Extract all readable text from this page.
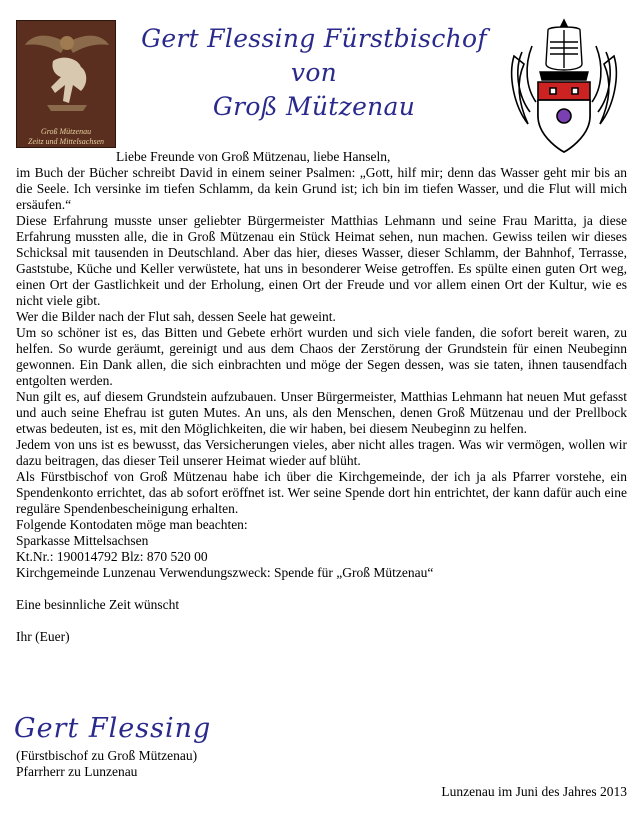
Groß Mützenau
Zeitz und Mittelsachsen
Gert Flessing Fürstbischof von
Groß Mützenau

Liebe Freunde von Groß Mützenau, liebe Hanseln,

im Buch der Bücher schreibt David in einem seiner Psalmen: „Gott, hilf mir; denn das Wasser geht mir bis an die Seele. Ich versinke im tiefen Schlamm, da kein Grund ist; ich bin im tiefen Wasser, und die Flut will mich ersäufen.“

Diese Erfahrung musste unser geliebter Bürgermeister Matthias Lehmann und seine Frau Maritta, ja diese Erfahrung mussten alle, die in Groß Mützenau ein Stück Heimat sehen, nun machen. Gewiss teilen wir dieses Schicksal mit tausenden in Deutschland. Aber das hier, dieses Wasser, dieser Schlamm, der Bahnhof, Terrasse, Gaststube, Küche und Keller verwüstete, hat uns in besonderer Weise getroffen. Es spülte einen guten Ort weg, einen Ort der Gastlichkeit und der Erholung, einen Ort der Freude und vor allem einen Ort der Kultur, wie es nicht viele gibt.

Wer die Bilder nach der Flut sah, dessen Seele hat geweint.

Um so schöner ist es, das Bitten und Gebete erhört wurden und sich viele fanden, die sofort bereit waren, zu helfen. So wurde geräumt, gereinigt und aus dem Chaos der Zerstörung der Grundstein für einen Neubeginn gewonnen. Ein Dank allen, die sich einbrachten und möge der Segen dessen, was sie taten, ihnen tausendfach entgolten werden.

Nun gilt es, auf diesem Grundstein aufzubauen. Unser Bürgermeister, Matthias Lehmann hat neuen Mut gefasst und auch seine Ehefrau ist guten Mutes. An uns, als den Menschen, denen Groß Mützenau und der Prellbock etwas bedeuten, ist es, mit den Möglichkeiten, die wir haben, bei diesem Neubeginn zu helfen.

Jedem von uns ist es bewusst, das Versicherungen vieles, aber nicht alles tragen. Was wir vermögen, wollen wir dazu beitragen, das dieser Teil unserer Heimat wieder auf blüht.

Als Fürstbischof von Groß Mützenau habe ich über die Kirchgemeinde, der ich ja als Pfarrer vorstehe, ein Spendenkonto errichtet, das ab sofort eröffnet ist. Wer seine Spende dort hin entrichtet, der kann dafür auch eine reguläre Spendenbescheinigung erhalten.

Folgende Kontodaten möge man beachten:

Sparkasse Mittelsachsen

Kt.Nr.: 190014792 Blz: 870 520 00

Kirchgemeinde Lunzenau Verwendungszweck: Spende für „Groß Mützenau“

Eine besinnliche Zeit wünscht

Ihr (Euer)

Gert Flessing

(Fürstbischof zu Groß Mützenau)

Pfarrherr zu Lunzenau

Lunzenau im Juni des Jahres 2013
